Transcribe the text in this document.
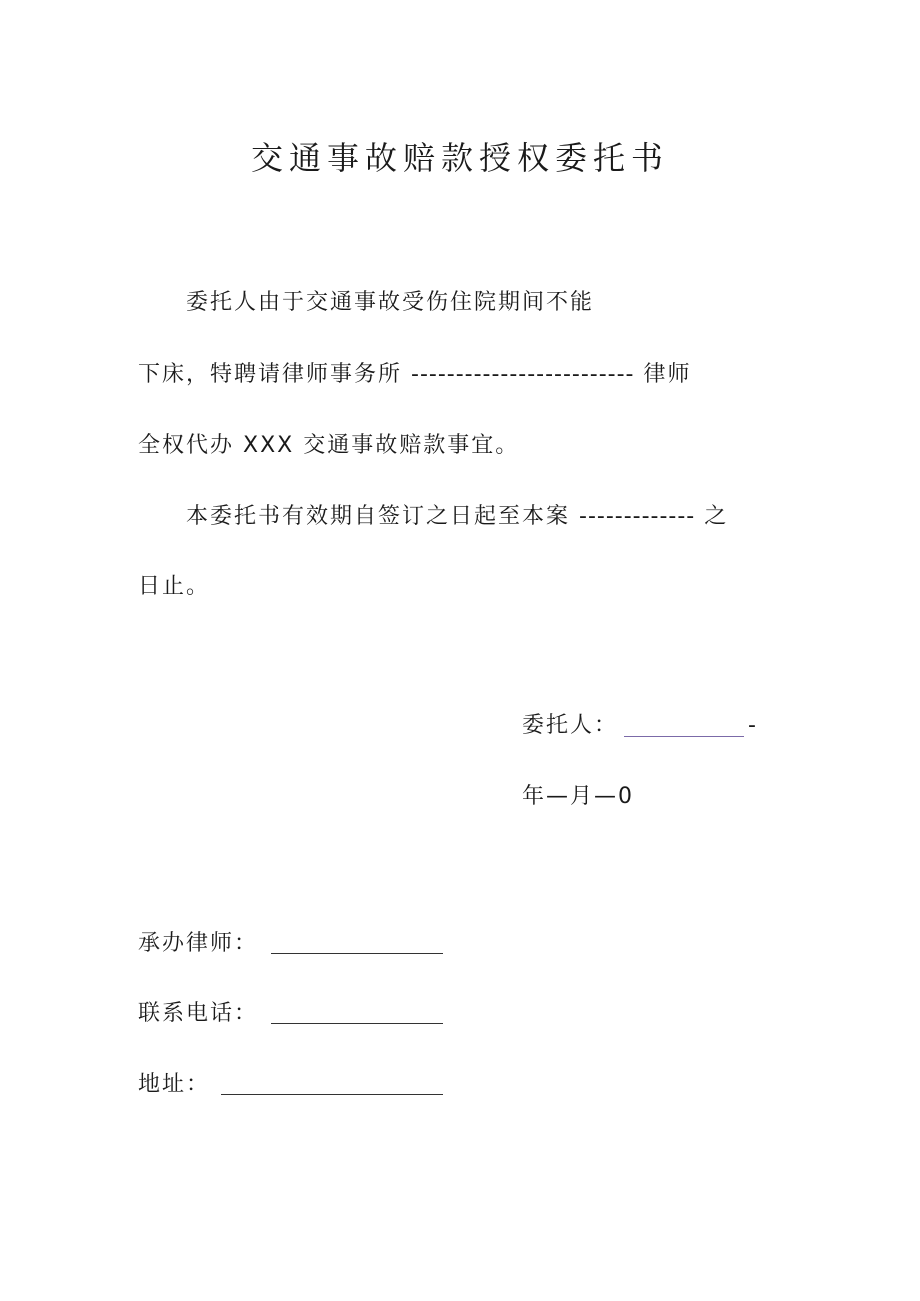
交通事故赔款授权委托书
委托人由于交通事故受伤住院期间不能
下床，特聘请律师事务所 ------------------------- 律师
全权代办 XXX 交通事故赔款事宜。
本委托书有效期自签订之日起至本案 ------------- 之
日止。
委托人：	-
年—月—0
承办律师：
联系电话：
地址：
